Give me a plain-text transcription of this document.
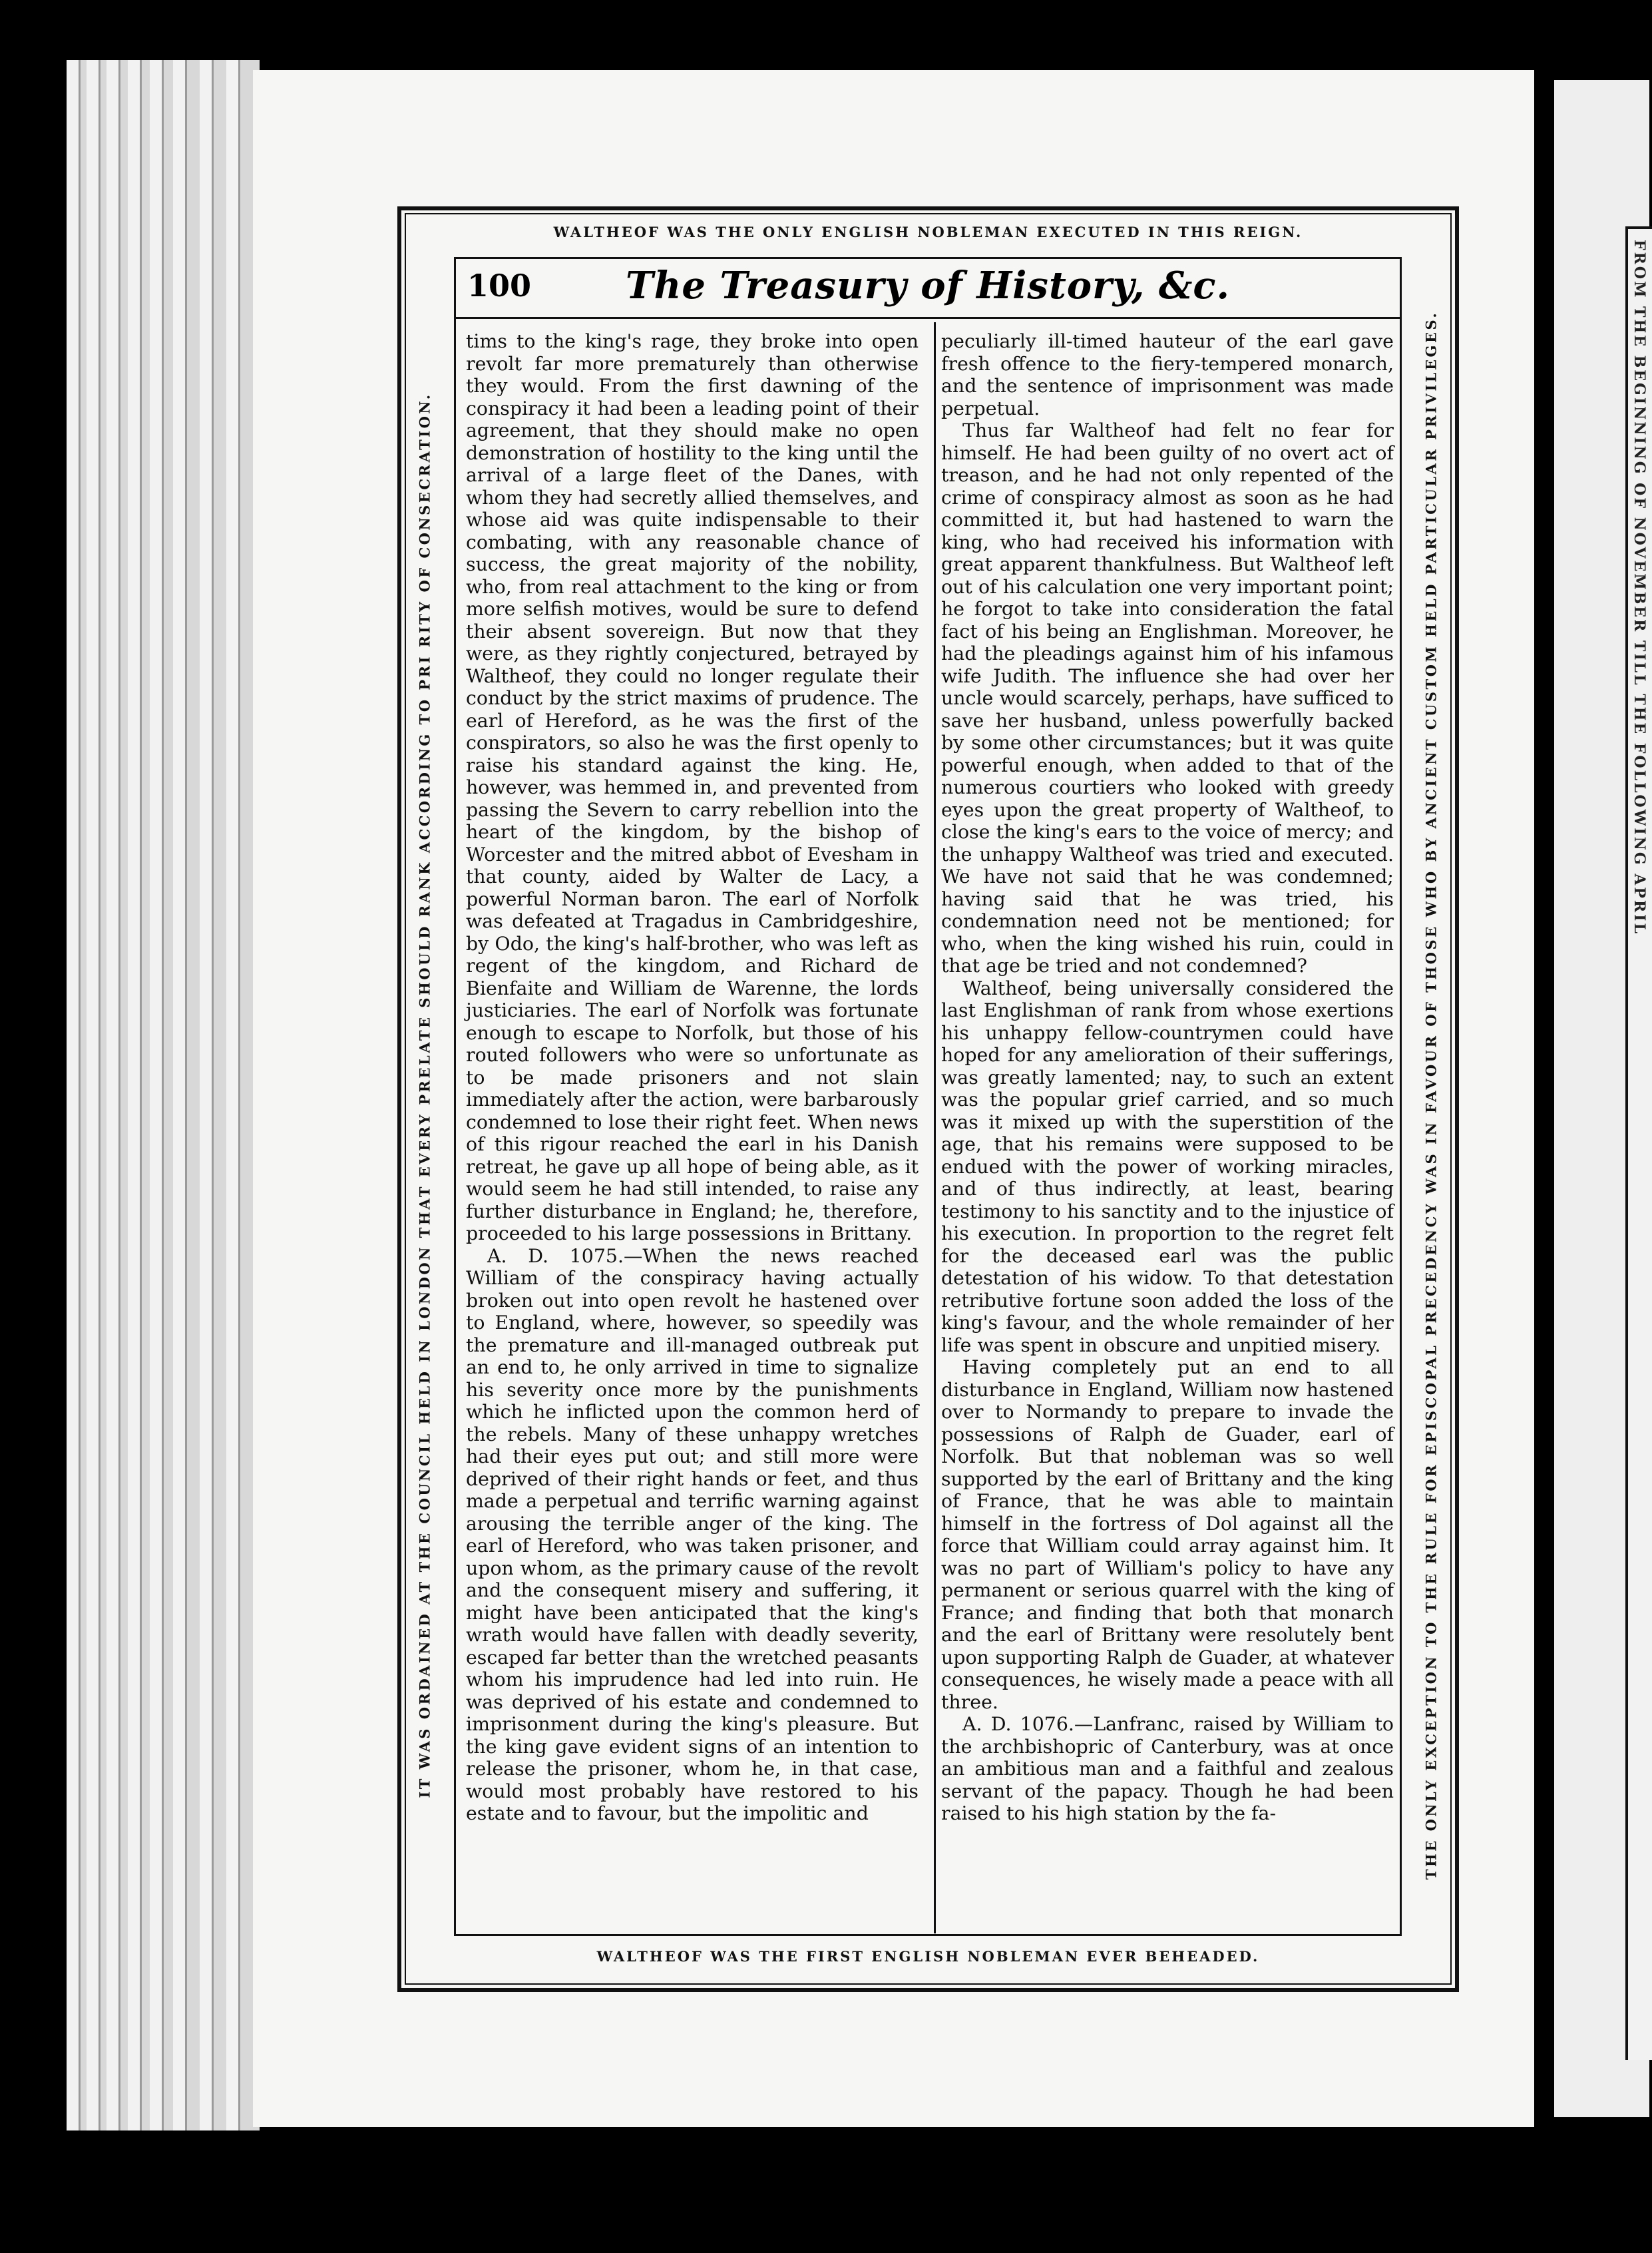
FROM THE BEGINNING OF NOVEMBER TILL THE FOLLOWING APRIL
WALTHEOF WAS THE ONLY ENGLISH NOBLEMAN EXECUTED IN THIS REIGN.
WALTHEOF WAS THE FIRST ENGLISH NOBLEMAN EVER BEHEADED.
IT WAS ORDAINED AT THE COUNCIL HELD IN LONDON THAT EVERY PRELATE SHOULD RANK ACCORDING TO PRI RITY OF CONSECRATION.	THE ONLY EXCEPTION TO THE RULE FOR EPISCOPAL PRECEDENCY WAS IN FAVOUR OF THOSE WHO BY ANCIENT CUSTOM HELD PARTICULAR PRIVILEGES.
100	The Treasury of History, &c.

tims to the king's rage, they broke into open revolt far more prematurely than otherwise they would. From the first dawning of the conspiracy it had been a leading point of their agreement, that they should make no open demonstration of hostility to the king until the arrival of a large fleet of the Danes, with whom they had secretly allied themselves, and whose aid was quite indispensable to their combating, with any reasonable chance of success, the great majority of the nobility, who, from real attachment to the king or from more selfish motives, would be sure to defend their absent sovereign. But now that they were, as they rightly conjectured, betrayed by Waltheof, they could no longer regulate their conduct by the strict maxims of prudence. The earl of Hereford, as he was the first of the conspirators, so also he was the first openly to raise his standard against the king. He, however, was hemmed in, and prevented from passing the Severn to carry rebellion into the heart of the kingdom, by the bishop of Worcester and the mitred abbot of Evesham in that county, aided by Walter de Lacy, a powerful Norman baron. The earl of Norfolk was defeated at Tragadus in Cambridgeshire, by Odo, the king's half-brother, who was left as regent of the kingdom, and Richard de Bienfaite and William de Warenne, the lords justiciaries. The earl of Norfolk was fortunate enough to escape to Norfolk, but those of his routed followers who were so unfortunate as to be made prisoners and not slain immediately after the action, were barbarously condemned to lose their right feet. When news of this rigour reached the earl in his Danish retreat, he gave up all hope of being able, as it would seem he had still intended, to raise any further disturbance in England; he, therefore, proceeded to his large possessions in Brittany.

A. D. 1075.—When the news reached William of the conspiracy having actually broken out into open revolt he hastened over to England, where, however, so speedily was the premature and ill-managed outbreak put an end to, he only arrived in time to signalize his severity once more by the punishments which he inflicted upon the common herd of the rebels. Many of these unhappy wretches had their eyes put out; and still more were deprived of their right hands or feet, and thus made a perpetual and terrific warning against arousing the terrible anger of the king. The earl of Hereford, who was taken prisoner, and upon whom, as the primary cause of the revolt and the consequent misery and suffering, it might have been anticipated that the king's wrath would have fallen with deadly severity, escaped far better than the wretched peasants whom his imprudence had led into ruin. He was deprived of his estate and condemned to imprisonment during the king's pleasure. But the king gave evident signs of an intention to release the prisoner, whom he, in that case, would most probably have restored to his estate and to favour, but the impolitic and

peculiarly ill-timed hauteur of the earl gave fresh offence to the fiery-tempered monarch, and the sentence of imprisonment was made perpetual.

Thus far Waltheof had felt no fear for himself. He had been guilty of no overt act of treason, and he had not only repented of the crime of conspiracy almost as soon as he had committed it, but had hastened to warn the king, who had received his information with great apparent thankfulness. But Waltheof left out of his calculation one very important point; he forgot to take into consideration the fatal fact of his being an Englishman. Moreover, he had the pleadings against him of his infamous wife Judith. The influence she had over her uncle would scarcely, perhaps, have sufficed to save her husband, unless powerfully backed by some other circumstances; but it was quite powerful enough, when added to that of the numerous courtiers who looked with greedy eyes upon the great property of Waltheof, to close the king's ears to the voice of mercy; and the unhappy Waltheof was tried and executed. We have not said that he was condemned; having said that he was tried, his condemnation need not be mentioned; for who, when the king wished his ruin, could in that age be tried and not condemned?

Waltheof, being universally considered the last Englishman of rank from whose exertions his unhappy fellow-countrymen could have hoped for any amelioration of their sufferings, was greatly lamented; nay, to such an extent was the popular grief carried, and so much was it mixed up with the superstition of the age, that his remains were supposed to be endued with the power of working miracles, and of thus indirectly, at least, bearing testimony to his sanctity and to the injustice of his execution. In proportion to the regret felt for the deceased earl was the public detestation of his widow. To that detestation retributive fortune soon added the loss of the king's favour, and the whole remainder of her life was spent in obscure and unpitied misery.

Having completely put an end to all disturbance in England, William now hastened over to Normandy to prepare to invade the possessions of Ralph de Guader, earl of Norfolk. But that nobleman was so well supported by the earl of Brittany and the king of France, that he was able to maintain himself in the fortress of Dol against all the force that William could array against him. It was no part of William's policy to have any permanent or serious quarrel with the king of France; and finding that both that monarch and the earl of Brittany were resolutely bent upon supporting Ralph de Guader, at whatever consequences, he wisely made a peace with all three.

A. D. 1076.—Lanfranc, raised by William to the archbishopric of Canterbury, was at once an ambitious man and a faithful and zealous servant of the papacy. Though he had been raised to his high station by the fa-
